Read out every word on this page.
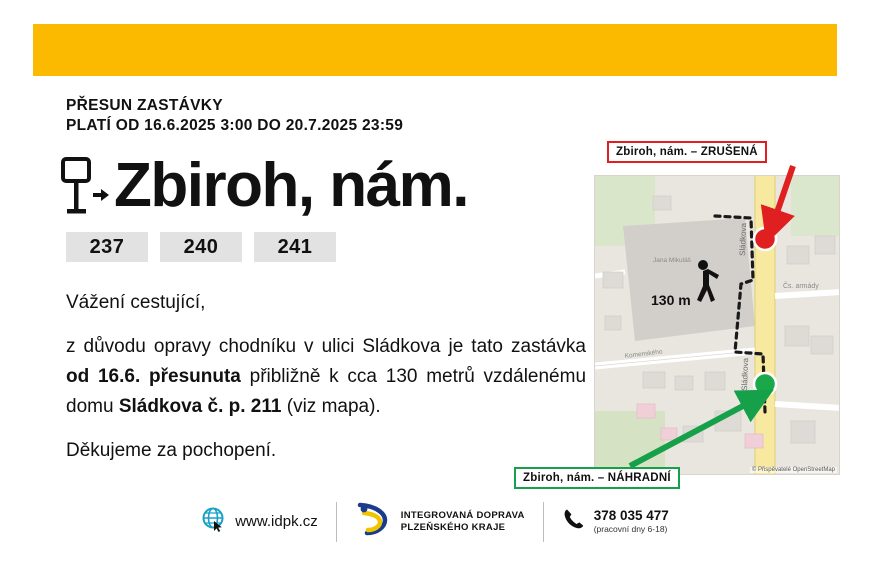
PŘESUN ZASTÁVKY
PLATÍ OD 16.6.2025 3:00 DO 20.7.2025 23:59
Zbiroh, nám.
237	240	241

Vážení cestující,

z důvodu opravy chodníku v ulici Sládkova je tato zastávka od 16.6. přesunuta přibližně k cca 130 metrů vzdálenému domu Sládkova č. p. 211 (viz mapa).

Děkujeme za pochopení.

Sládkova
Sládkova
Čs. armády
Jana Mikuláš
Komenského
© Přispěvatelé OpenStreetMap
Zbiroh, nám. – ZRUŠENÁ
Zbiroh, nám. – NÁHRADNÍ
130 m
www.idpk.cz	INTEGROVANÁ DOPRAVA
PLZEŇSKÉHO KRAJE
378 035 477
(pracovní dny 6-18)
